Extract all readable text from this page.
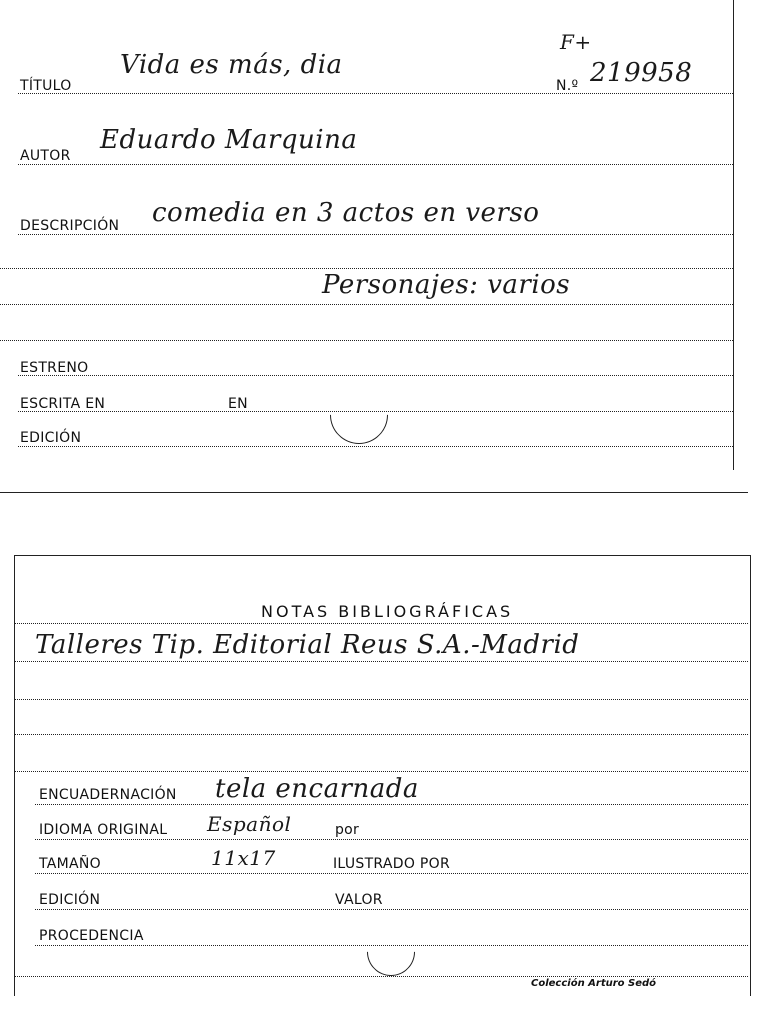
F+
TÍTULO
Vida es más, dia
N.º 219958
AUTOR
Eduardo Marquina
DESCRIPCIÓN comedia en 3 actos en verso
Personajes: varios
ESTRENO
ESCRITA EN	EN
EDICIÓN
NOTAS BIBLIOGRÁFICAS
Talleres Tip. Editorial Reus S.A.-Madrid
ENCUADERNACIÓN tela encarnada
IDIOMA ORIGINAL Español	por
TAMAÑO	11x17	ILUSTRADO POR
EDICIÓN	VALOR
PROCEDENCIA
Colección Arturo Sedó
